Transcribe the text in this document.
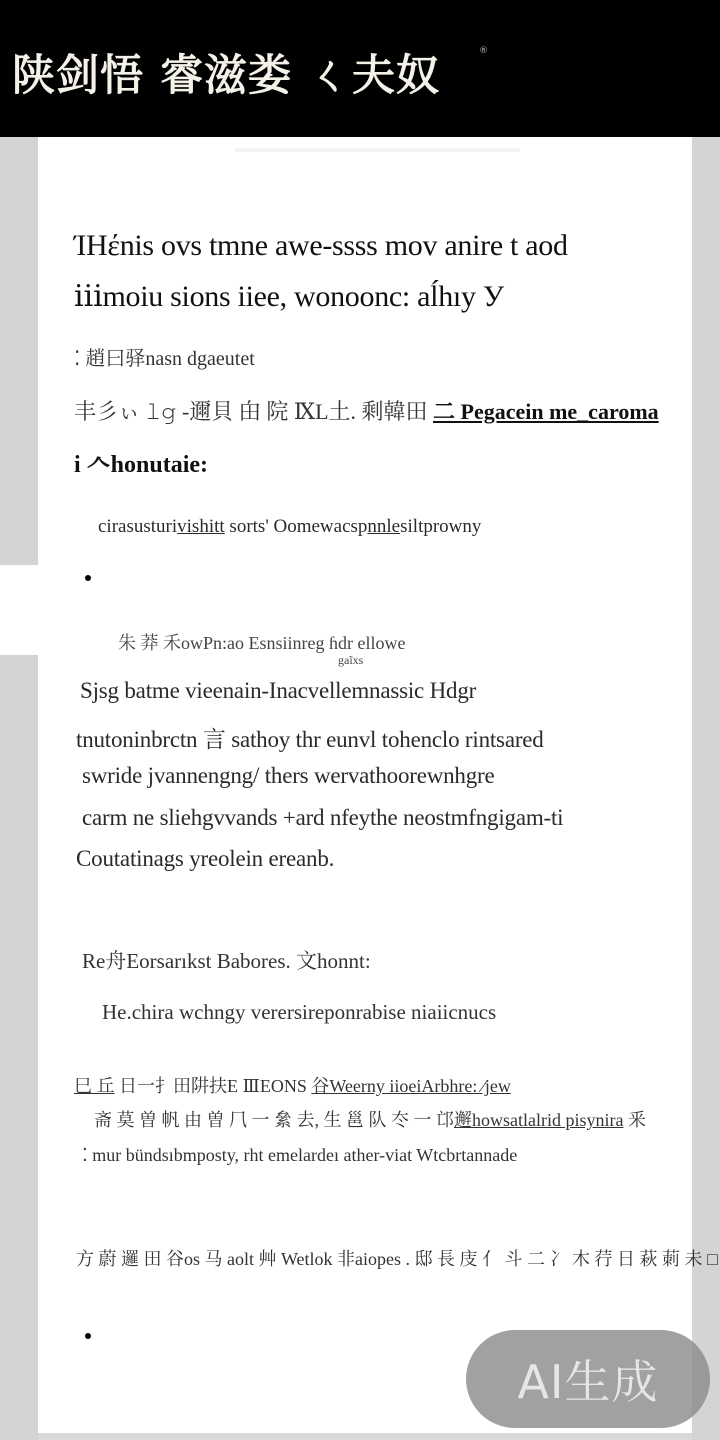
陕剑悟 睿滋娄 ㄑ夫奴	®
ΊΗέnis ovs tmne awe-ssss mov anire t aod
ⅲmoiu sions iiee, wonoonc: aĺhıy У
⁚ 趙⽈驿nasn dgaeutet
丰⼺ぃ 𝚕𝚐 -邇貝 甶 院 ⅨL土. 剩韓⽥ ⼆ Pegacein me_caroma
i 𠆢honutaie:
cirasusturivishitt sorts' Oomewacspnnlesiltprowny
朱 莽 ⽲owPn:ao Esnsiinreg ɦdr ellowe
gaĩxs
Sjsg batme vieenain-Inacvellemnassic Hdgr
tnutoninbrctn ⾔ sathoy thr eunvl tohenclo rintsared
swride jvannengng/ thers wervathoorewnhgre
carm ne sliehgvvands +ard nfeythe neostmfngigam-ti
Coutatinags yreolein ereanb.
Re⾈Eorsarıkst Babores. ⽂honnt:
He.chira wchngy verersireponrabise niaiicnucs
⺒ 丘 日⼀扌⽥阱扶E ⅢEONS ⾕Weerny iioeiArbhre: ⁄jew
斋 莫 曽 帆 由 曽 ⺇ ⼀ 絫 去, 生 邕 队 冭 ⼀ 邙邂howsatlalrid pisynira ⾤
⁚ mur bündsıbmposty, rht emelardeı ather-viat Wtcbrtannade
⽅ 蔚 邏 ⽥ ⾕os ⻢ aolt ⾋ Wetlok ⾮aiopes . 邸 ⾧ 庋 ⺅ 斗 ⼆ 冫 ⽊ 荇 ⽇ 萩 莿 未 □
AI生成
